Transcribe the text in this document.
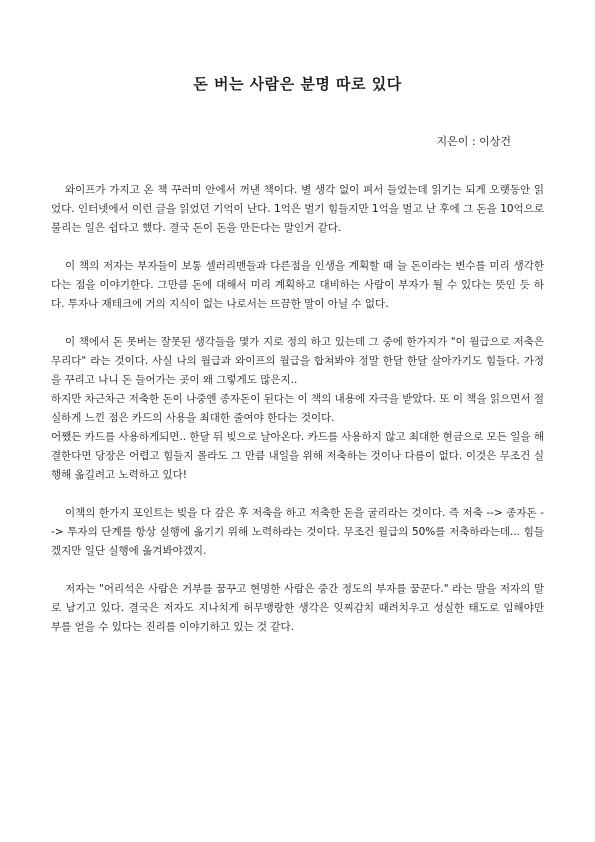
돈 버는 사람은 분명 따로 있다
지은이 : 이상건

와이프가 가지고 온 책 꾸러미 안에서 꺼낸 책이다. 별 생각 없이 펴서 들었는데 읽기는 되게 오랫동안 읽었다. 인터넷에서 이런 글을 읽었던 기억이 난다. 1억은 벌기 힘들지만 1억을 벌고 난 후에 그 돈을 10억으로 불리는 일은 쉽다고 했다. 결국 돈이 돈을 만든다는 말인거 같다.

이 책의 저자는 부자들이 보통 셀러리맨들과 다른점을 인생을 계획할 때 늘 돈이라는 변수를 미리 생각한다는 점을 이야기한다. 그만큼 돈에 대해서 미리 계획하고 대비하는 사람이 부자가 될 수 있다는 뜻인 듯 하다. 투자나 재테크에 거의 지식이 없는 나로서는 뜨끔한 말이 아닐 수 없다.

이 책에서 돈 못버는 잘못된 생각들을 몇가 지로 정의 하고 있는데 그 중에 한가지가 "이 월급으로 저축은 무리다" 라는 것이다. 사실 나의 월급과 와이프의 월급을 합쳐봐야 정말 한달 한달 살아가기도 힘들다. 가정을 꾸리고 나니 돈 들어가는 곳이 왜 그렇게도 많은지..

하지만 차근차근 저축한 돈이 나중엔 종자돈이 된다는 이 책의 내용에 자극을 받았다. 또 이 책을 읽으면서 절실하게 느낀 점은 카드의 사용을 최대한 줄여야 한다는 것이다.

어쨌든 카드를 사용하게되면.. 한달 뒤 빚으로 날아온다. 카드를 사용하지 않고 최대한 현금으로 모든 일을 해결한다면 당장은 어렵고 힘들지 몰라도 그 만큼 내일을 위해 저축하는 것이나 다름이 없다. 이것은 무조건 실행해 옮길려고 노력하고 있다!

이책의 한가지 포인트는 빚을 다 갚은 후 저축을 하고 저축한 돈을 굴리라는 것이다. 즉 저축 --> 종자돈 --> 투자의 단계를 항상 실행에 옮기기 위해 노력하라는 것이다. 무조건 월급의 50%를 저축하라는데... 힘들겠지만 일단 실행에 옮겨봐야겠지.

저자는 "어리석은 사람은 거부를 꿈꾸고 현명한 사람은 중간 정도의 부자를 꿈꾼다." 라는 말을 저자의 말로 남기고 있다. 결국은 저자도 지나치게 허무맹랑한 생각은 잊찌감치 때려치우고 성실한 태도로 임해야만 부를 얻을 수 있다는 진리를 이야기하고 있는 것 같다.
